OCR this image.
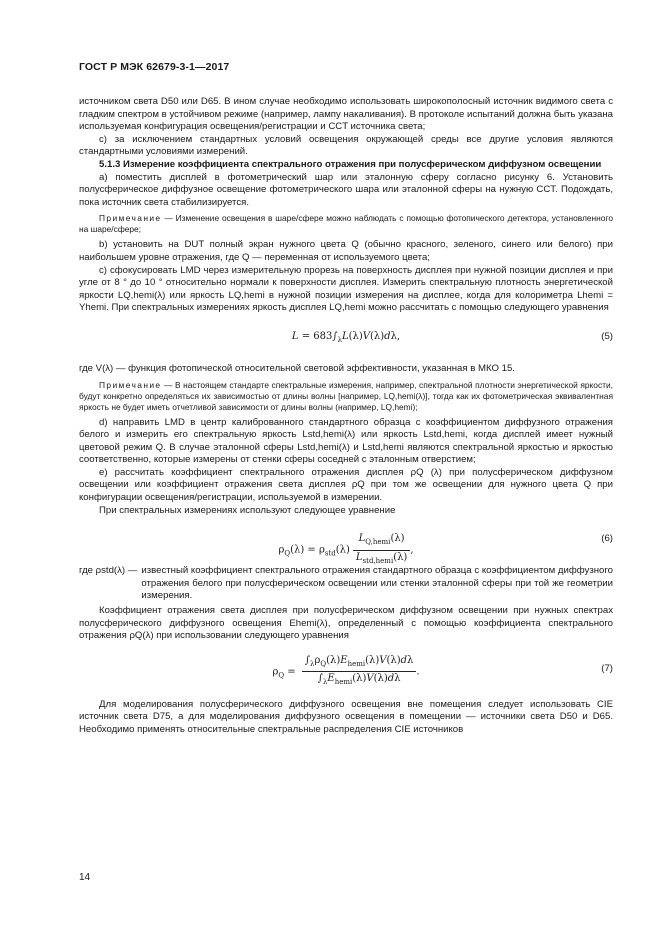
ГОСТ Р МЭК 62679-3-1—2017

источником света D50 или D65. В ином случае необходимо использовать широкополосный источник видимого света с гладким спектром в устойчивом режиме (например, лампу накаливания). В протоколе испытаний должна быть указана используемая конфигурация освещения/регистрации и CCT источника света;

c) за исключением стандартных условий освещения окружающей среды все другие условия являются стандартными условиями измерений.

5.1.3 Измерение коэффициента спектрального отражения при полусферическом диффузном освещении

a) поместить дисплей в фотометрический шар или эталонную сферу согласно рисунку 6. Установить полусферическое диффузное освещение фотометрического шара или эталонной сферы на нужную CCT. Подождать, пока источник света стабилизируется.

Примечание — Изменение освещения в шаре/сфере можно наблюдать с помощью фотопического детектора, установленного на шаре/сфере;

b) установить на DUT полный экран нужного цвета Q (обычно красного, зеленого, синего или белого) при наибольшем уровне отражения, где Q — переменная от используемого цвета;

c) сфокусировать LMD через измерительную прорезь на поверхность дисплея при нужной позиции дисплея и при угле от 8 ° до 10 ° относительно нормали к поверхности дисплея. Измерить спектральную плотность энергетической яркости LQ,hemi(λ) или яркость LQ,hemi в нужной позиции измерения на дисплее, когда для колориметра Lhemi = Yhemi. При спектральных измерениях яркость дисплея LQ,hemi можно рассчитать с помощью следующего уравнения

$L = 683\int_\lambda L(\lambda)V(\lambda)d\lambda$,	(5)

где V(λ) — функция фотопической относительной световой эффективности, указанная в МКО 15.

Примечание — В настоящем стандарте спектральные измерения, например, спектральной плотности энергетической яркости, будут конкретно определяться их зависимостью от длины волны [например, LQ,hemi(λ)], тогда как их фотометрическая эквивалентная яркость не будет иметь отчетливой зависимости от длины волны (например, LQ,hemi);

d) направить LMD в центр калиброванного стандартного образца с коэффициентом диффузного отражения белого и измерить его спектральную яркость Lstd,hemi(λ) или яркость Lstd,hemi, когда дисплей имеет нужный цветовой режим Q. В случае эталонной сферы Lstd,hemi(λ) и Lstd,hemi являются спектральной яркостью и яркостью соответственно, которые измерены от стенки сферы соседней с эталонным отверстием;

e) рассчитать коэффициент спектрального отражения дисплея ρQ (λ) при полусферическом диффузном освещении или коэффициент отражения света дисплея ρQ при том же освещении для нужного цвета Q при конфигурации освещения/регистрации, используемой в измерении.

При спектральных измерениях используют следующее уравнение

$\rho_Q(\lambda) = \rho_{std}(\lambda) \frac{L_{Q,hemi}(\lambda)}{L_{std,hemi}(\lambda)}$ ,
(6)
где ρstd(λ) — известный коэффициент спектрального отражения стандартного образца с коэффициентом диффузного отражения белого при полусферическом освещении или стенки эталонной сферы при той же геометрии измерения.

Коэффициент отражения света дисплея при полусферическом диффузном освещении при нужных спектрах полусферического диффузного освещения Ehemi(λ), определенный с помощью коэффициента спектрального отражения ρQ(λ) при использовании следующего уравнения

$\rho_Q = \frac{\int_\lambda\rho_Q(\lambda)E_{hemi}(\lambda)V(\lambda)d\lambda}{\int_\lambda E_{hemi}(\lambda)V(\lambda)d\lambda}$ .	(7)

Для моделирования полусферического диффузного освещения вне помещения следует использовать CIE источник света D75, а для моделирования диффузного освещения в помещении — источники света D50 и D65. Необходимо применять относительные спектральные распределения CIE источников

14
